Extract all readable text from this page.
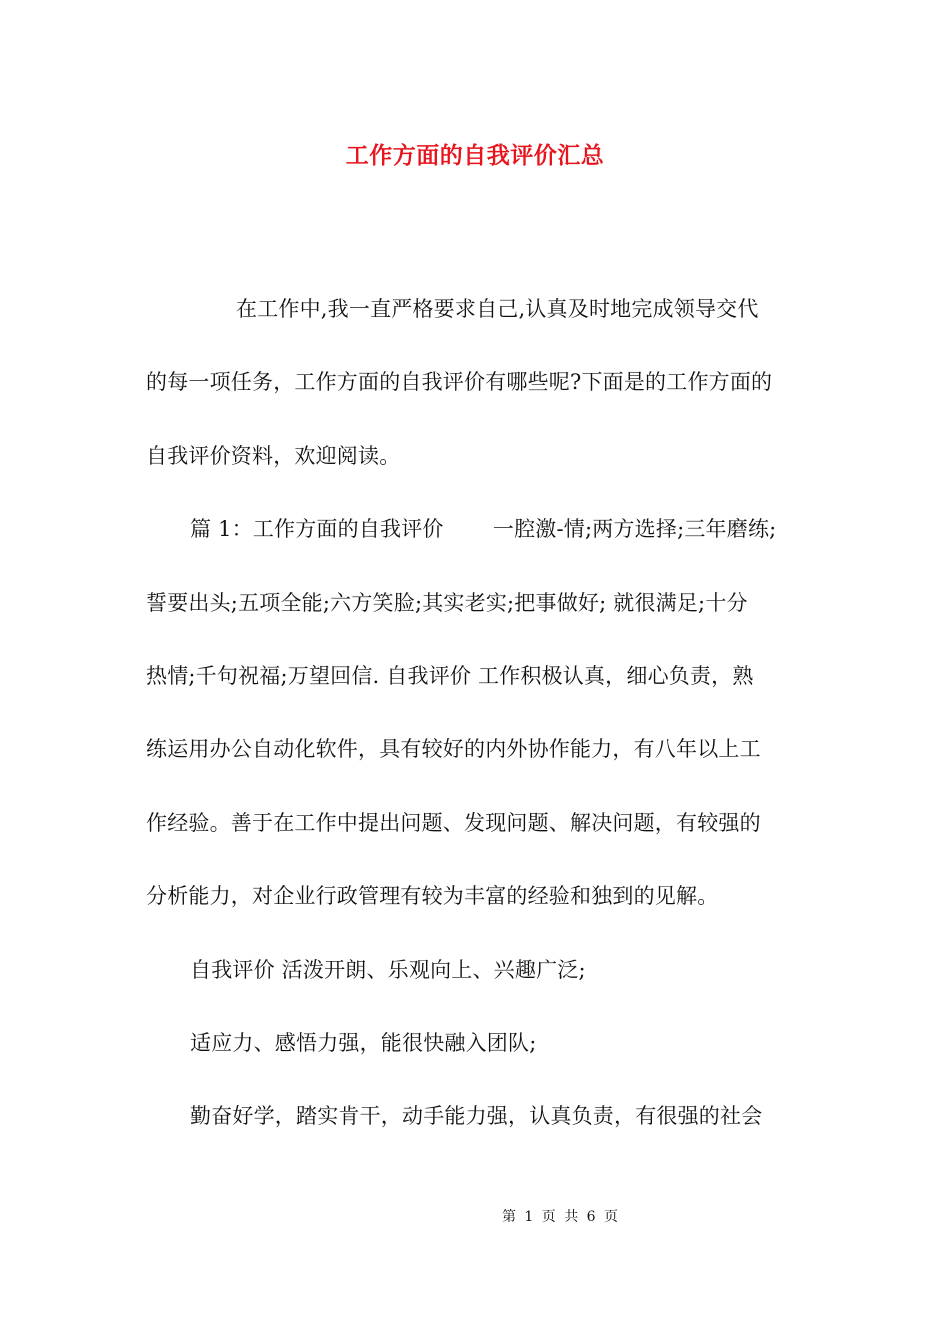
工作方面的自我评价汇总

在工作中,我一直严格要求自己,认真及时地完成领导交代

的每一项任务，工作方面的自我评价有哪些呢?下面是的工作方面的

自我评价资料，欢迎阅读。

篇 1：工作方面的自我评价　　 一腔激-情;两方选择;三年磨练;

誓要出头;五项全能;六方笑脸;其实老实;把事做好; 就很满足;十分

热情;千句祝福;万望回信. 自我评价 工作积极认真，细心负责，熟

练运用办公自动化软件，具有较好的内外协作能力，有八年以上工

作经验。善于在工作中提出问题、发现问题、解决问题，有较强的

分析能力，对企业行政管理有较为丰富的经验和独到的见解。

自我评价 活泼开朗、乐观向上、兴趣广泛;

适应力、感悟力强，能很快融入团队;

勤奋好学，踏实肯干，动手能力强，认真负责，有很强的社会

第 1 页 共 6 页
